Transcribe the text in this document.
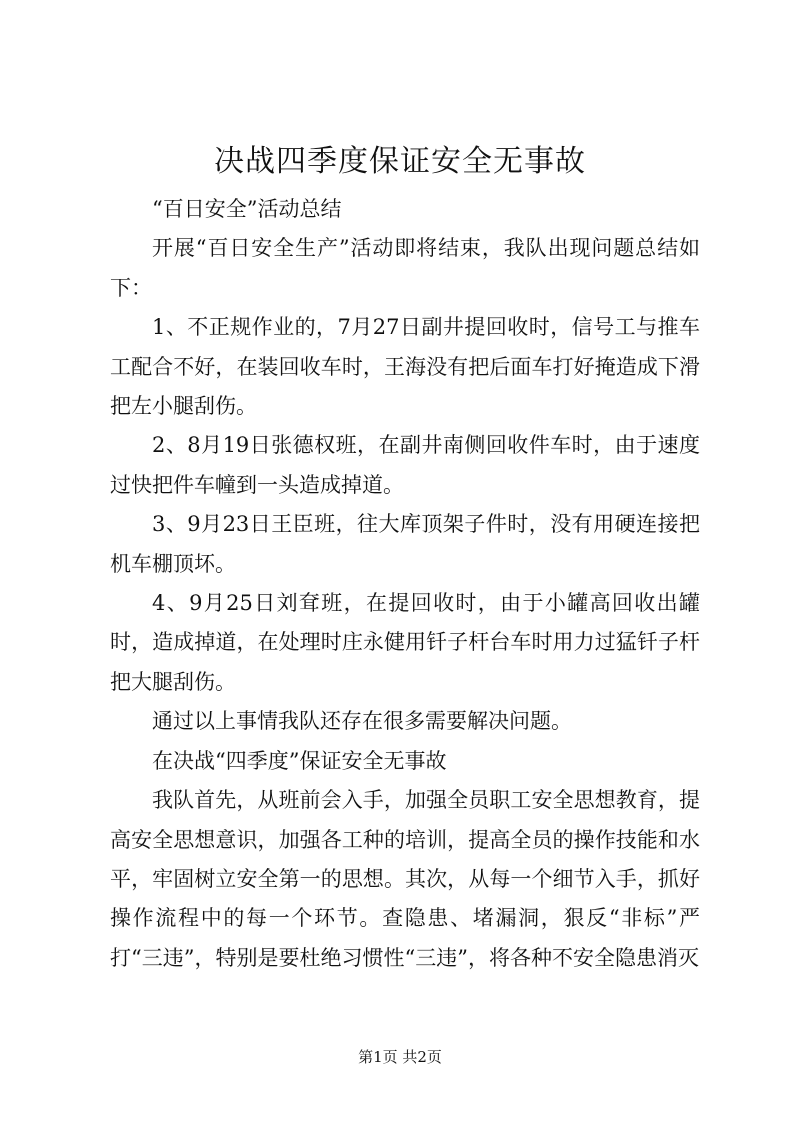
决战四季度保证安全无事故

“百日安全”活动总结

开展“百日安全生产”活动即将结束，我队出现问题总结如下：

1、不正规作业的，7月27日副井提回收时，信号工与推车工配合不好，在装回收车时，王海没有把后面车打好掩造成下滑把左小腿刮伤。

2、8月19日张德权班，在副井南侧回收件车时，由于速度过快把件车幢到一头造成掉道。

3、9月23日王臣班，往大库顶架子件时，没有用硬连接把机车棚顶坏。

4、9月25日刘耷班，在提回收时，由于小罐高回收出罐时，造成掉道，在处理时庄永健用钎子杆台车时用力过猛钎子杆把大腿刮伤。

通过以上事情我队还存在很多需要解决问题。

在决战“四季度”保证安全无事故

我队首先，从班前会入手，加强全员职工安全思想教育，提高安全思想意识，加强各工种的培训，提高全员的操作技能和水平，牢固树立安全第一的思想。其次，从每一个细节入手，抓好操作流程中的每一个环节。查隐患、堵漏洞，狠反“非标”严打“三违”，特别是要杜绝习惯性“三违”，将各种不安全隐患消灭

第1页 共2页
